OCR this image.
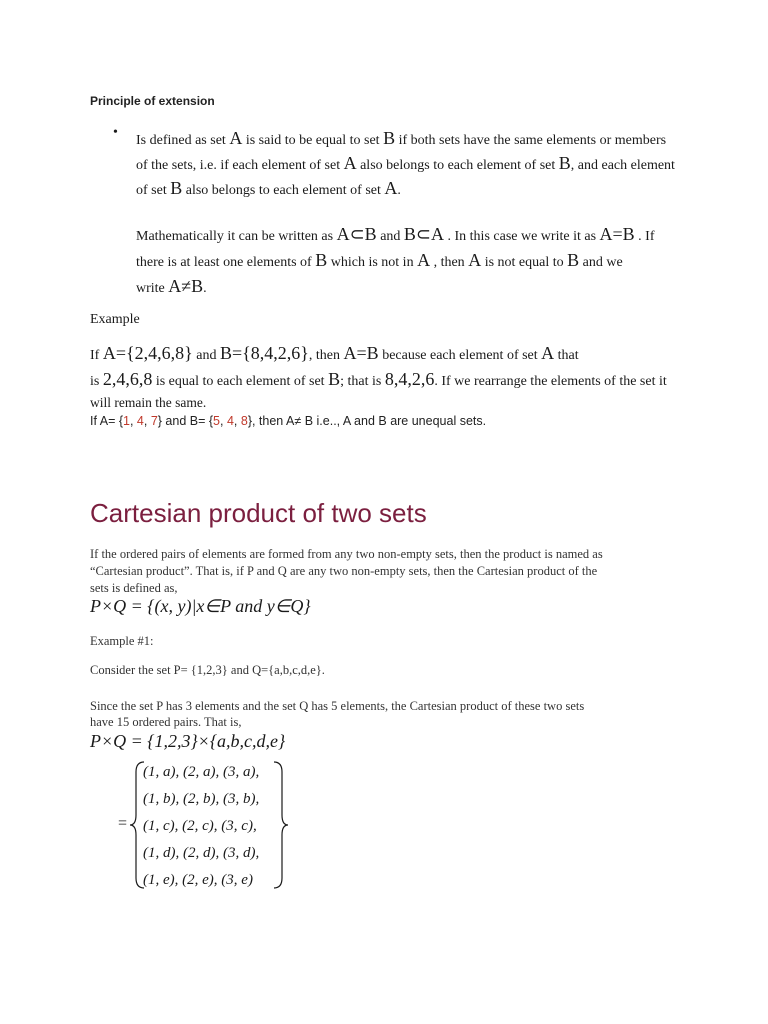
Principle of extension
•
Is defined as set A is said to be equal to set B if both sets have the same elements or members
of the sets, i.e. if each element of set A also belongs to each element of set B, and each element
of set B also belongs to each element of set A.
Mathematically it can be written as A⊂B and B⊂A . In this case we write it as A=B . If
there is at least one elements of B which is not in A , then A is not equal to B and we
write A≠B.
Example
If A={2,4,6,8} and B={8,4,2,6}, then A=B because each element of set A that
is 2,4,6,8 is equal to each element of set B; that is 8,4,2,6. If we rearrange the elements of the set it
will remain the same.
If A= {1, 4, 7} and B= {5, 4, 8}, then A≠ B i.e.., A and B are unequal sets.
Cartesian product of two sets
If the ordered pairs of elements are formed from any two non-empty sets, then the product is named as
“Cartesian product”. That is, if P and Q are any two non-empty sets, then the Cartesian product of the
sets is defined as,
P×Q = {(x, y)|x∈P and y∈Q}
Example #1:
Consider the set P= {1,2,3} and Q={a,b,c,d,e}.
Since the set P has 3 elements and the set Q has 5 elements, the Cartesian product of these two sets
have 15 ordered pairs. That is,
P×Q = {1,2,3}×{a,b,c,d,e}
=
(1, a), (2, a), (3, a),
(1, b), (2, b), (3, b),
(1, c), (2, c), (3, c),
(1, d), (2, d), (3, d),
(1, e), (2, e), (3, e)
